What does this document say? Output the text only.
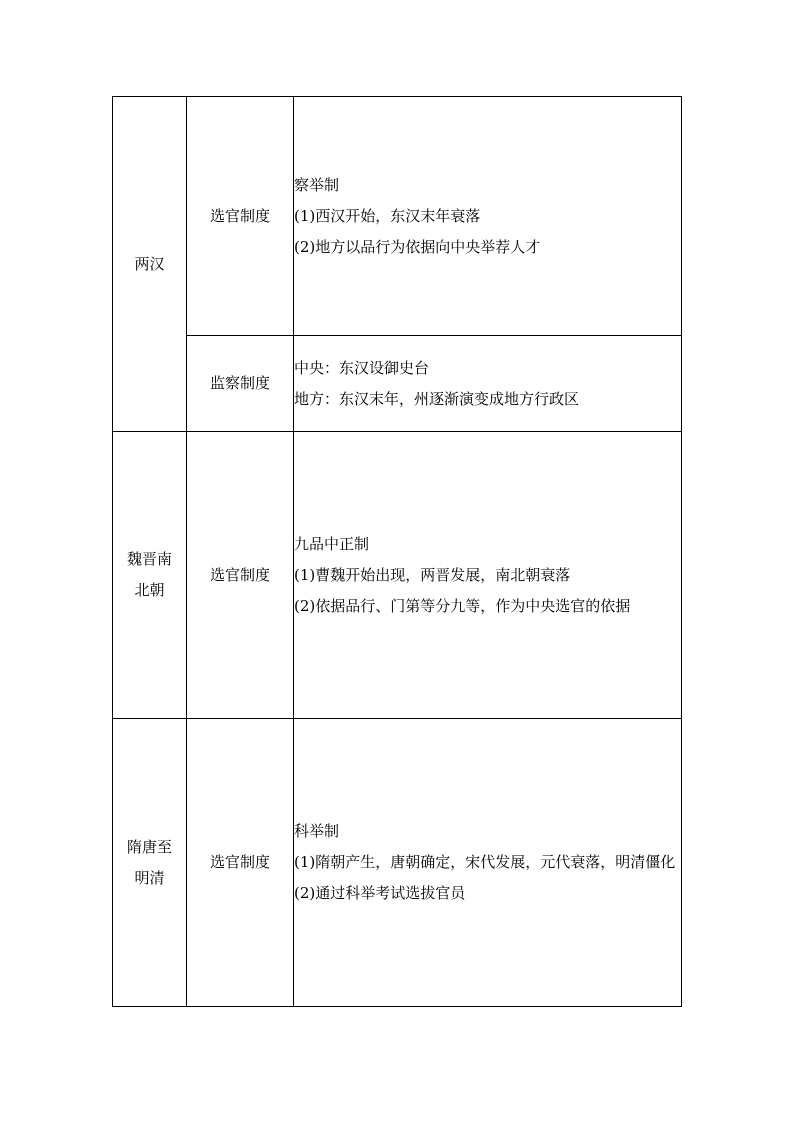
两汉	选官制度	察举制
(1)西汉开始，东汉末年衰落
(2)地方以品行为依据向中央举荐人才

	监察制度	中央：东汉设御史台
地方：东汉末年，州逐渐演变成地方行政区

魏晋南
北朝	选官制度	九品中正制
(1)曹魏开始出现，两晋发展，南北朝衰落
(2)依据品行、门第等分九等，作为中央选官的依据

隋唐至
明清	选官制度	科举制
(1)隋朝产生，唐朝确定，宋代发展，元代衰落，明清僵化
(2)通过科举考试选拔官员
